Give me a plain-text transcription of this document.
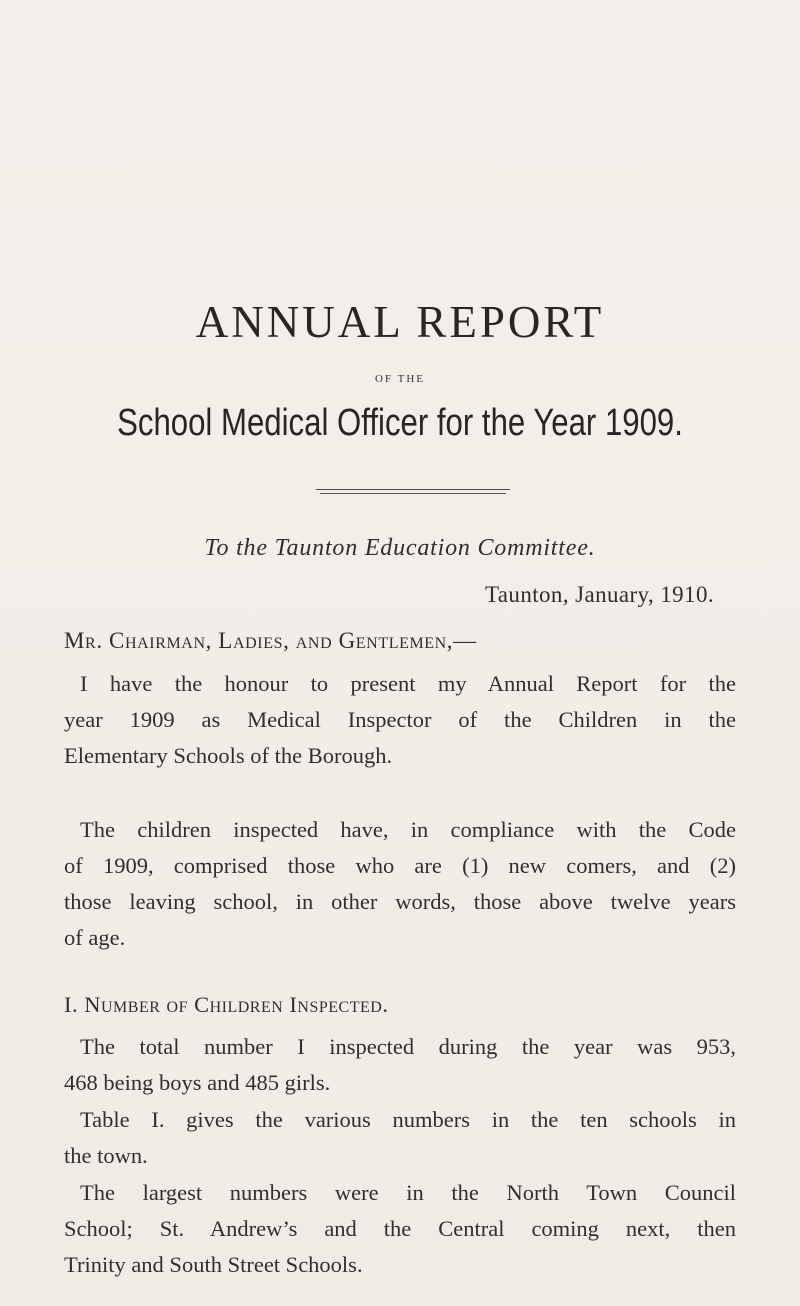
ANNUAL REPORT
OF THE
School Medical Officer for the Year 1909.
To the Taunton Education Committee.
Taunton, January, 1910.
Mr. Chairman, Ladies, and Gentlemen,—
I have the honour to present my Annual Report for the
year 1909 as Medical Inspector of the Children in the
Elementary Schools of the Borough.
The children inspected have, in compliance with the Code
of 1909, comprised those who are (1) new comers, and (2)
those leaving school, in other words, those above twelve years
of age.
I. Number of Children Inspected.
The total number I inspected during the year was 953,
468 being boys and 485 girls.
Table I. gives the various numbers in the ten schools in
the town.
The largest numbers were in the North Town Council
School; St. Andrew’s and the Central coming next, then
Trinity and South Street Schools.
